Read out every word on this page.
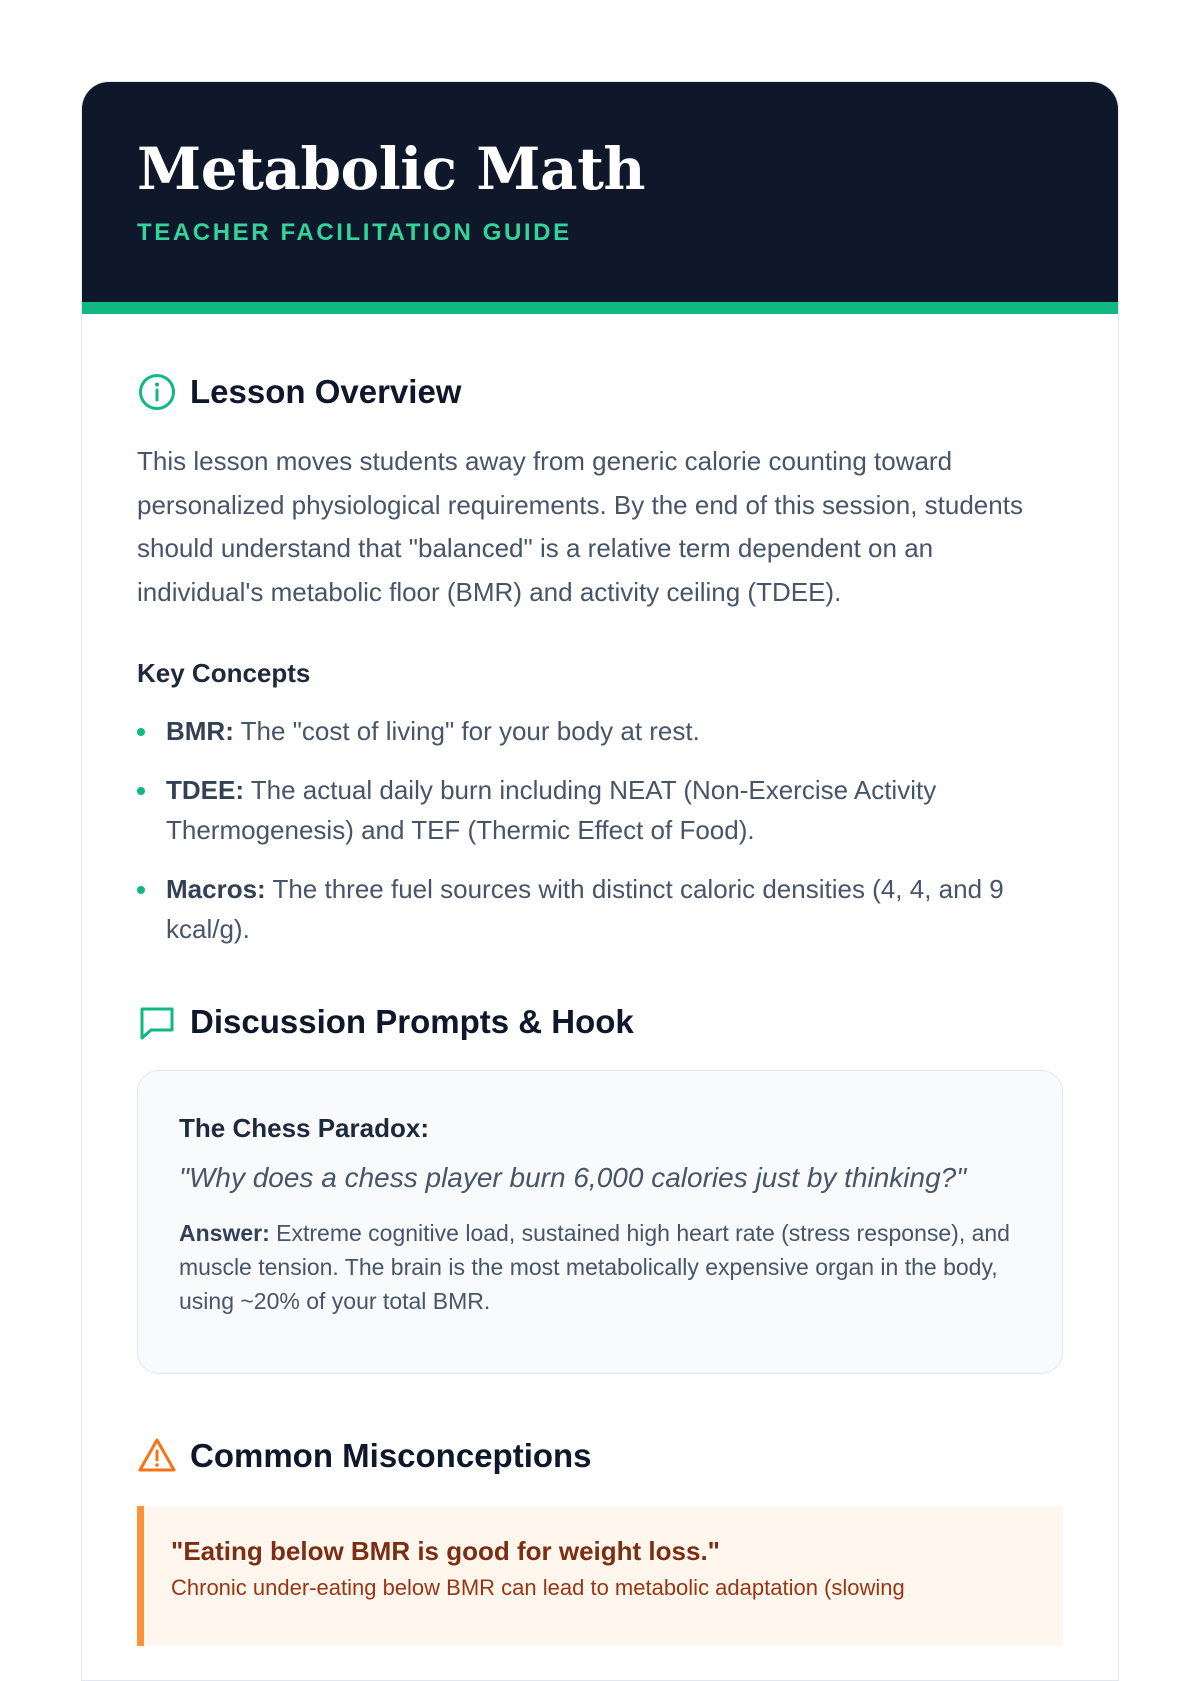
Metabolic Math
TEACHER FACILITATION GUIDE
Lesson Overview

This lesson moves students away from generic calorie counting toward personalized physiological requirements. By the end of this session, students should understand that "balanced" is a relative term dependent on an individual's metabolic floor (BMR) and activity ceiling (TDEE).

Key Concepts
BMR: The "cost of living" for your body at rest.
TDEE: The actual daily burn including NEAT (Non-Exercise Activity Thermogenesis) and TEF (Thermic Effect of Food).
Macros: The three fuel sources with distinct caloric densities (4, 4, and 9 kcal/g).
Discussion Prompts & Hook
The Chess Paradox:
"Why does a chess player burn 6,000 calories just by thinking?"
Answer: Extreme cognitive load, sustained high heart rate (stress response), and muscle tension. The brain is the most metabolically expensive organ in the body, using ~20% of your total BMR.
Common Misconceptions
"Eating below BMR is good for weight loss."
Chronic under-eating below BMR can lead to metabolic adaptation (slowing
